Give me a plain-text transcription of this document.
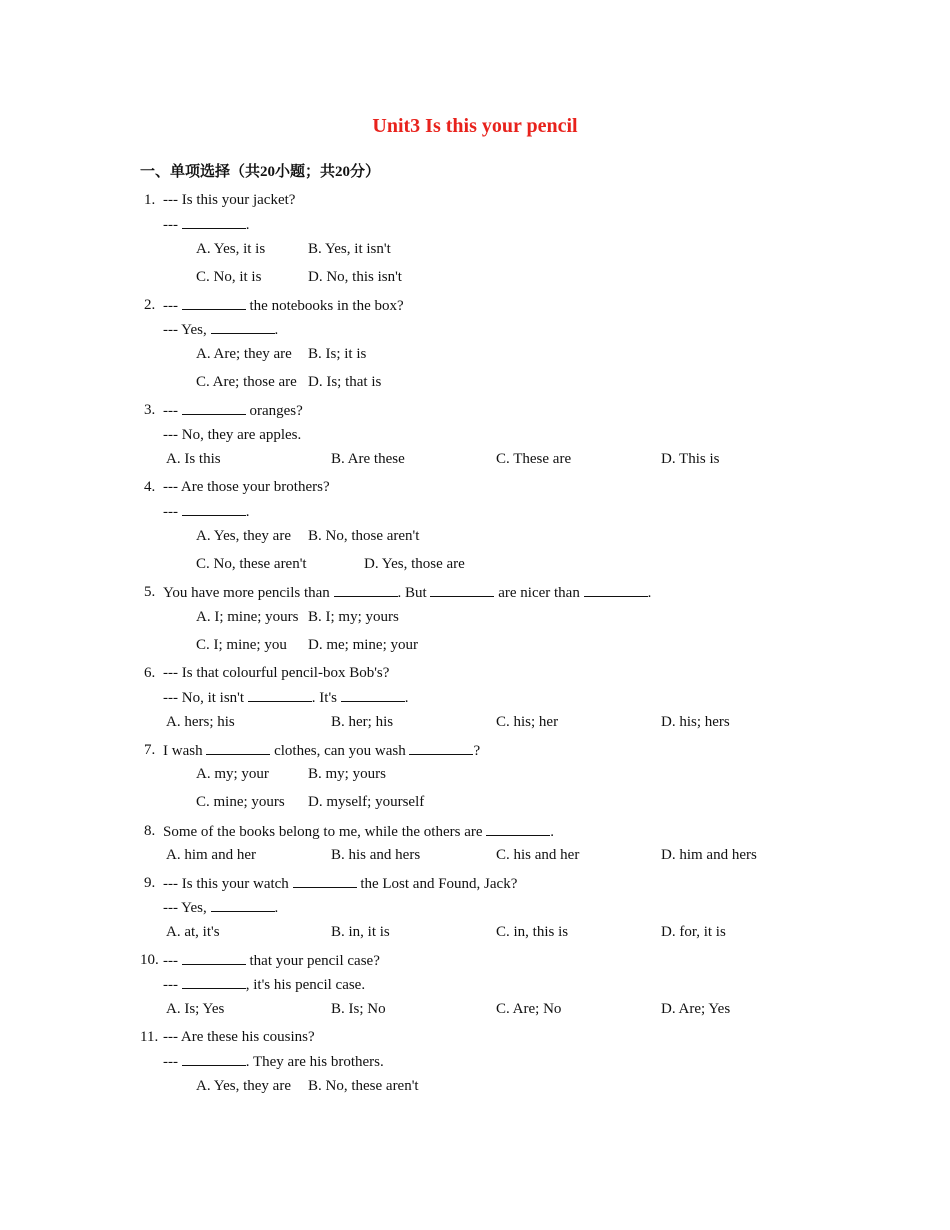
Unit3 Is this your pencil
一、单项选择（共20小题；共20分）
1. --- Is this your jacket?
---	.
A. Yes, it is	B. Yes, it isn't
C. No, it is	D. No, this isn't
2. ---	the notebooks in the box?
--- Yes,	.
A. Are; they are B. Is; it is
C. Are; those are D. Is; that is
3. ---	oranges?
--- No, they are apples.
A. Is this	B. Are these	C. These are	D. This is
4. --- Are those your brothers?
---	.
A. Yes, they are B. No, those aren't
C. No, these aren't	D. Yes, those are
5. You have more pencils than	. But	are nicer than	.
A. I; mine; yours B. I; my; yours
C. I; mine; you D. me; mine; your
6. --- Is that colourful pencil-box Bob's?
--- No, it isn't	. It's	.
A. hers; his	B. her; his	C. his; her	D. his; hers
7. I wash	clothes, can you wash	?
A. my; your	B. my; yours
C. mine; yours D. myself; yourself
8. Some of the books belong to me, while the others are	.
A. him and her	B. his and hers	C. his and her	D. him and hers
9. --- Is this your watch	the Lost and Found, Jack?
--- Yes,	.
A. at, it's	B. in, it is	C. in, this is	D. for, it is
10. ---	that your pencil case?
---	, it's his pencil case.
A. Is; Yes	B. Is; No	C. Are; No	D. Are; Yes
11. --- Are these his cousins?
---	. They are his brothers.
A. Yes, they are B. No, these aren't
